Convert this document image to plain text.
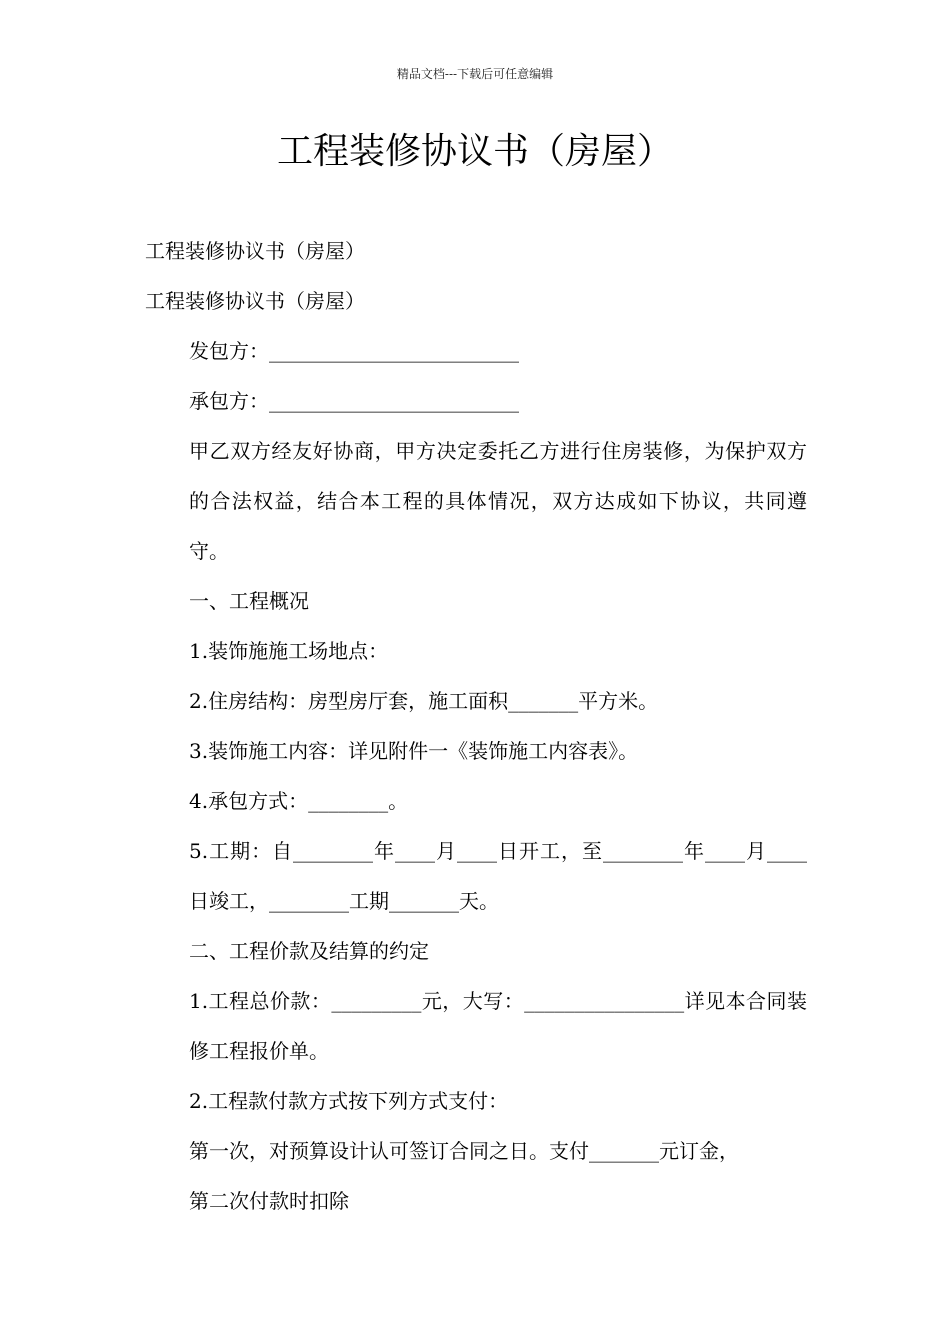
精品文档---下载后可任意编辑
工程装修协议书（房屋）

工程装修协议书（房屋）

工程装修协议书（房屋）

发包方：_________________________

承包方：_________________________

甲乙双方经友好协商，甲方决定委托乙方进行住房装修，为保护双方的合法权益，结合本工程的具体情况，双方达成如下协议，共同遵守。

一、工程概况

1.装饰施施工场地点：

2.住房结构：房型房厅套，施工面积_______平方米。

3.装饰施工内容：详见附件一《装饰施工内容表》。

4.承包方式：________。

5.工期：自________年____月____日开工，至________年____月____日竣工，________工期_______天。

二、工程价款及结算的约定

1.工程总价款：_________元，大写：________________详见本合同装修工程报价单。

2.工程款付款方式按下列方式支付：

第一次，对预算设计认可签订合同之日。支付_______元订金，

第二次付款时扣除
